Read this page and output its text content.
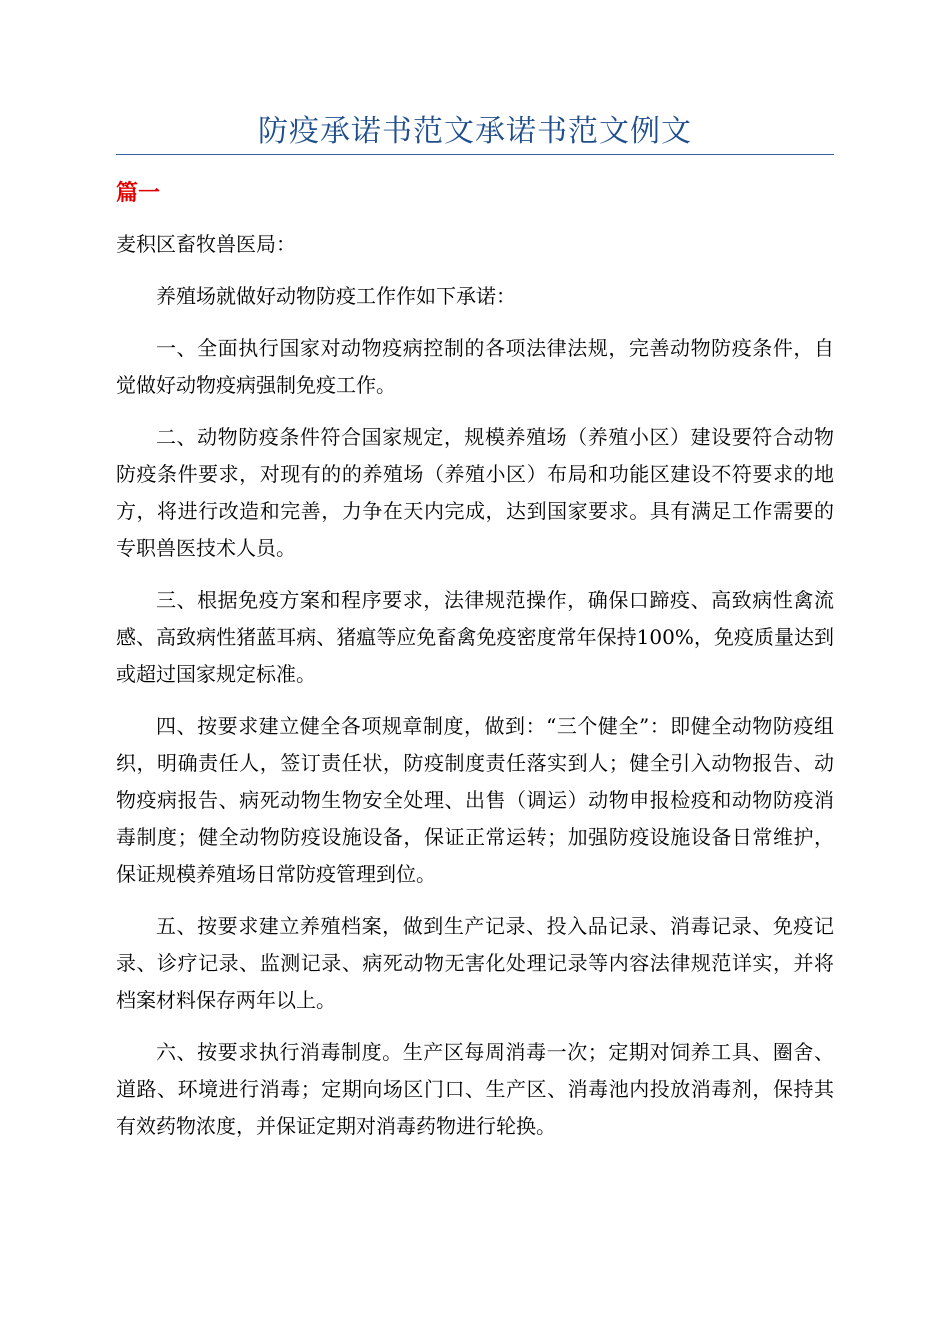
防疫承诺书范文承诺书范文例文
篇一

麦积区畜牧兽医局：

养殖场就做好动物防疫工作作如下承诺：

一、全面执行国家对动物疫病控制的各项法律法规，完善动物防疫条件，自觉做好动物疫病强制免疫工作。

二、动物防疫条件符合国家规定，规模养殖场（养殖小区）建设要符合动物防疫条件要求，对现有的的养殖场（养殖小区）布局和功能区建设不符要求的地方，将进行改造和完善，力争在天内完成，达到国家要求。具有满足工作需要的专职兽医技术人员。

三、根据免疫方案和程序要求，法律规范操作，确保口蹄疫、高致病性禽流感、高致病性猪蓝耳病、猪瘟等应免畜禽免疫密度常年保持100%，免疫质量达到或超过国家规定标准。

四、按要求建立健全各项规章制度，做到：“三个健全”：即健全动物防疫组织，明确责任人，签订责任状，防疫制度责任落实到人；健全引入动物报告、动物疫病报告、病死动物生物安全处理、出售（调运）动物申报检疫和动物防疫消毒制度；健全动物防疫设施设备，保证正常运转；加强防疫设施设备日常维护，保证规模养殖场日常防疫管理到位。

五、按要求建立养殖档案，做到生产记录、投入品记录、消毒记录、免疫记录、诊疗记录、监测记录、病死动物无害化处理记录等内容法律规范详实，并将档案材料保存两年以上。

六、按要求执行消毒制度。生产区每周消毒一次；定期对饲养工具、圈舍、道路、环境进行消毒；定期向场区门口、生产区、消毒池内投放消毒剂，保持其有效药物浓度，并保证定期对消毒药物进行轮换。
